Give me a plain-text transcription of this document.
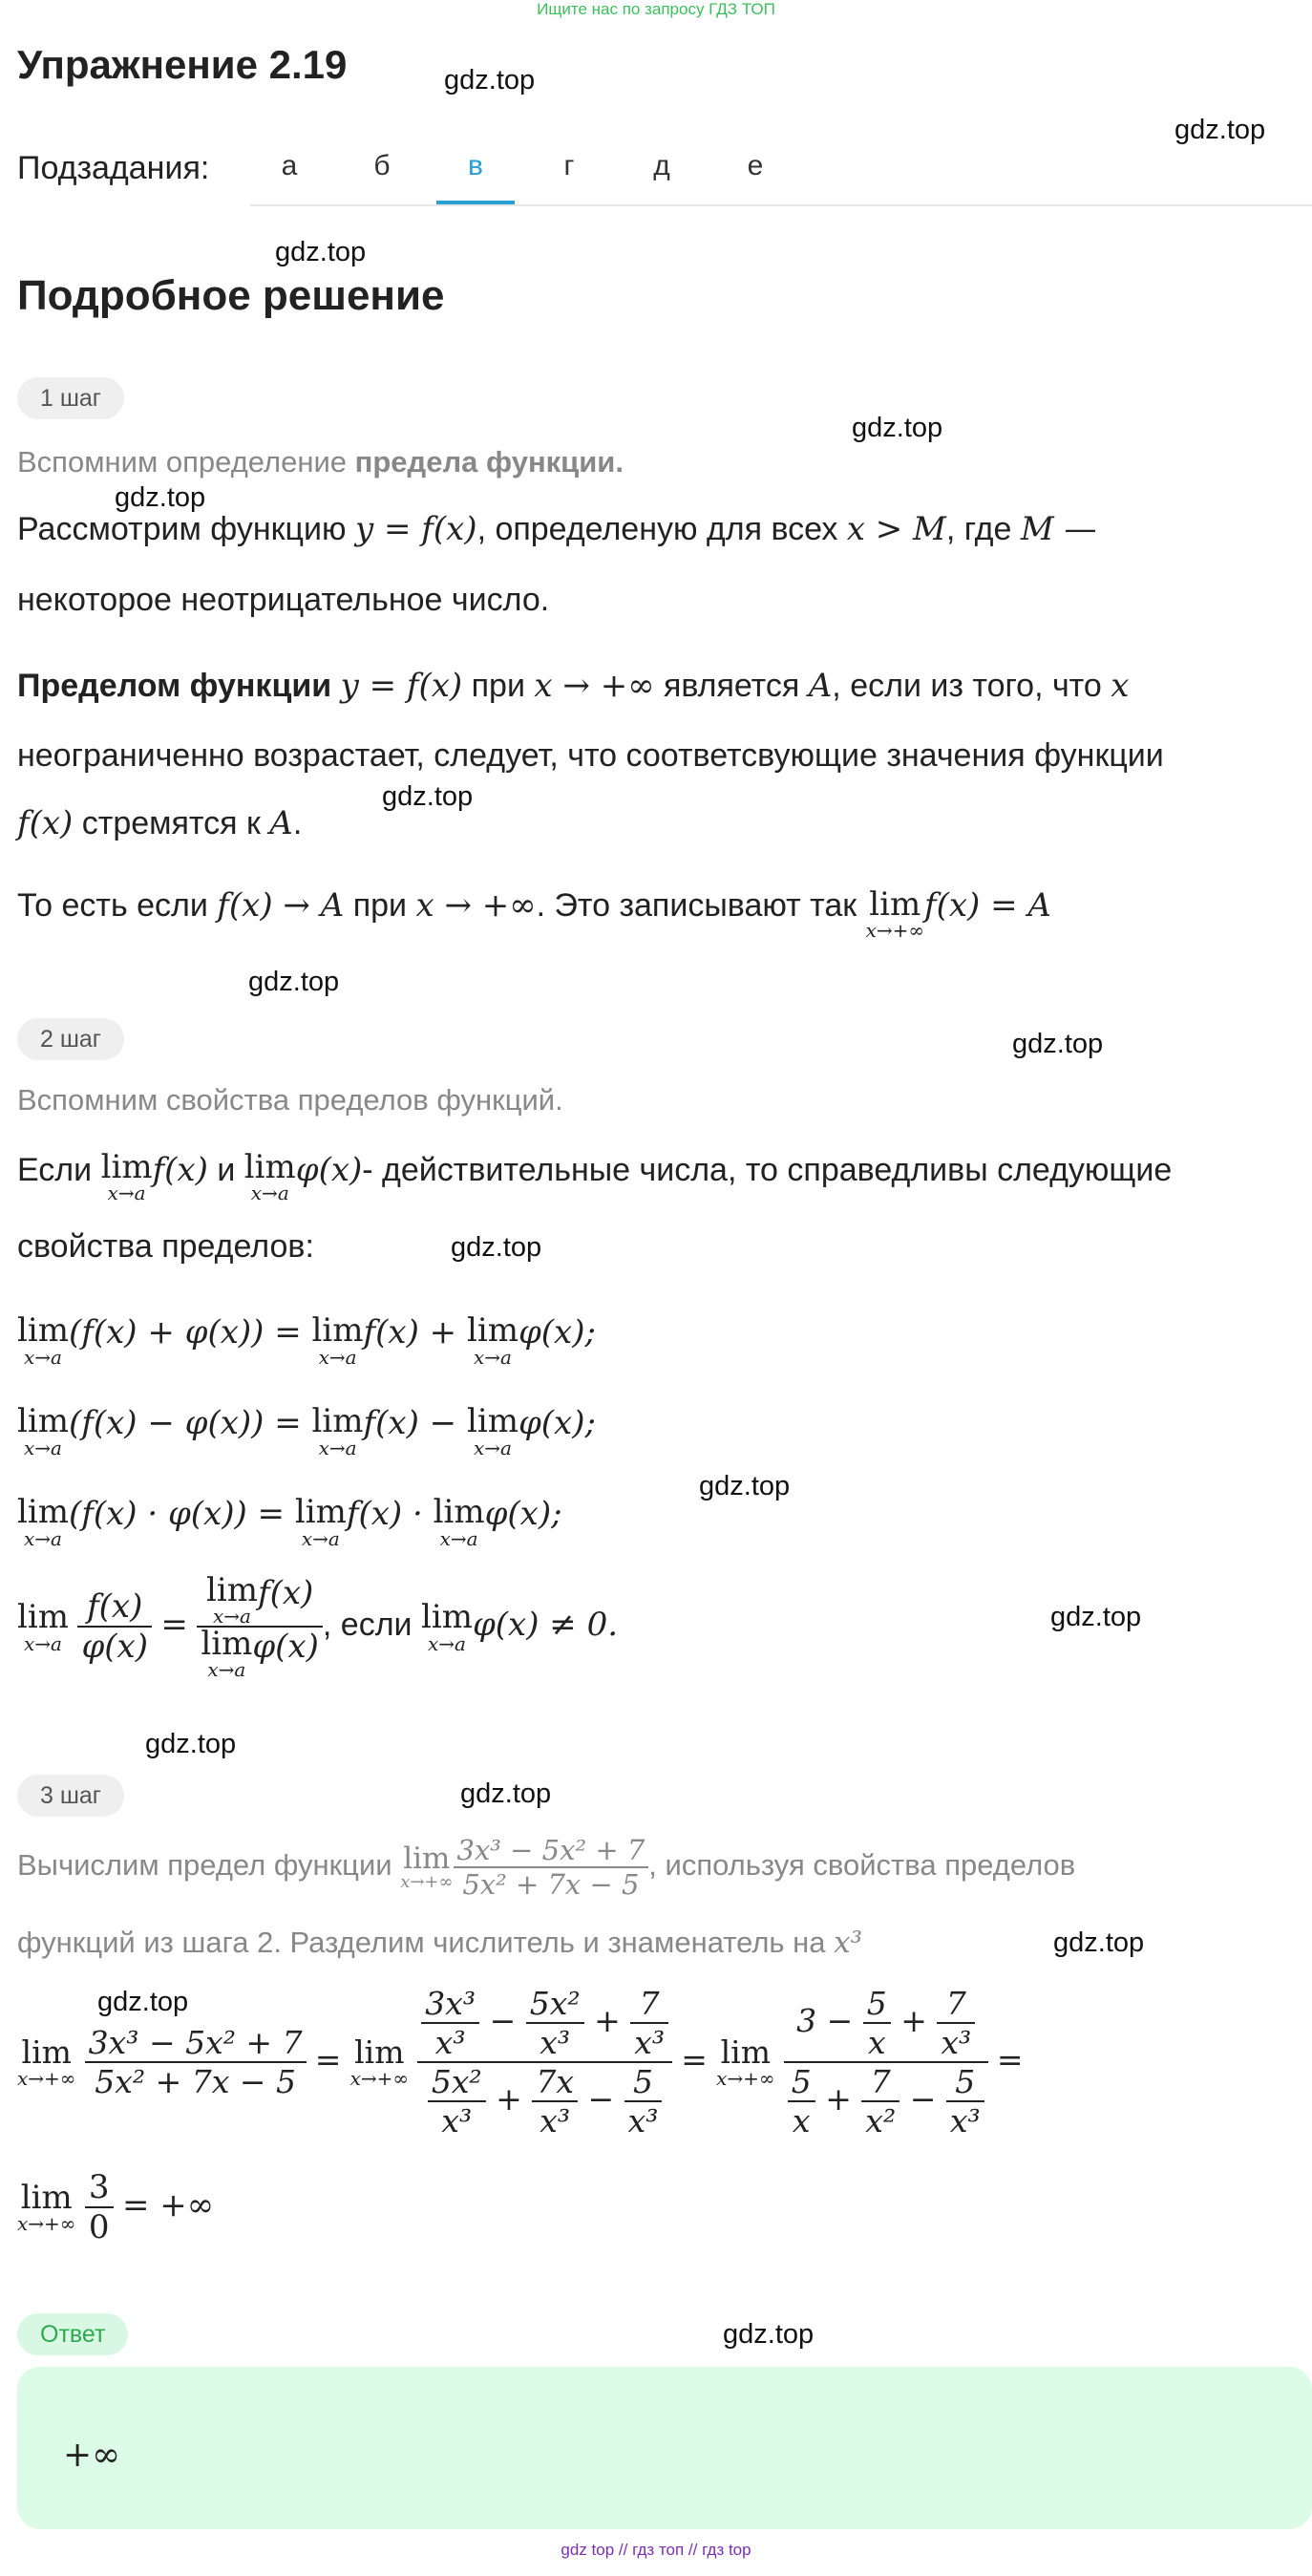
Ищите нас по запросу ГДЗ ТОП
Упражнение 2.19	gdz.top
gdz.top
gdz.top
gdz.top
gdz.top
gdz.top
gdz.top
gdz.top
gdz.top
gdz.top
gdz.top
gdz.top
gdz.top
gdz.top
gdz.top
gdz.top
Подзадания:	а	б	в	г	д	е
Подробное решение
1 шаг
Вспомним определение предела функции.
Рассмотрим функцию y = f(x), определеную для всех x > M, где M —
некоторое неотрицательное число.
Пределом функции y = f(x) при x → +∞ является A, если из того, что x
неограниченно возрастает, следует, что соответсвующие значения функции
f(x) стремятся к A.
То есть если f(x) → A при x → +∞. Это записывают так lim
x→+∞
f(x) = A
2 шаг
Вспомним свойства пределов функций.
Если lim
x→a
f(x) и lim
x→a
φ(x)- действительные числа, то справедливы следующие
свойства пределов:
lim
x→a
(f(x) + φ(x)) = lim
x→a
f(x) + lim
x→a
φ(x);
lim
x→a
(f(x) − φ(x)) = lim
x→a
f(x) − lim
x→a
φ(x);
lim
x→a
(f(x) · φ(x)) = lim
x→a
f(x) · lim
x→a
φ(x);
lim
x→a
$\frac{f(x)}{\varphi(x)} = \lim$
x→a
f(x)
lim
x→a
φ(x) , если lim
x→a
φ(x) ≠ 0.
3 шаг
Вычислим предел функции lim
$x\to+\infty \frac{\text{3x³ − 5x² + 7}}{\text{5x² + 7x − 5}}$ , используя свойства пределов
функций из шага 2. Разделим числитель и знаменатель на x³
lim
x→+∞
$\frac{\text{3x³ − 5x² + 7}}{\text{5x² + 7x − 5}} = \lim$
x→+∞
$\frac{\frac{\text{3x³}}{\text{x³}} - \frac{\text{5x²}}{\text{x³}} + \frac{7}{\text{x³}}}{\frac{\text{5x²}}{\text{x³}} + \frac{7x}{\text{x³}} - \frac{5}{\text{x³}}} = \lim$
x→+∞
$\frac{3 - \frac{5}{x} + \frac{7}{\text{x³}}}{\frac{5}{x} + \frac{7}{\text{x²}} - \frac{5}{\text{x³}}}$ =
lim
x→+∞
$\frac{3}{0}$ = +∞
Ответ
+∞
gdz top // гдз топ // гдз top
